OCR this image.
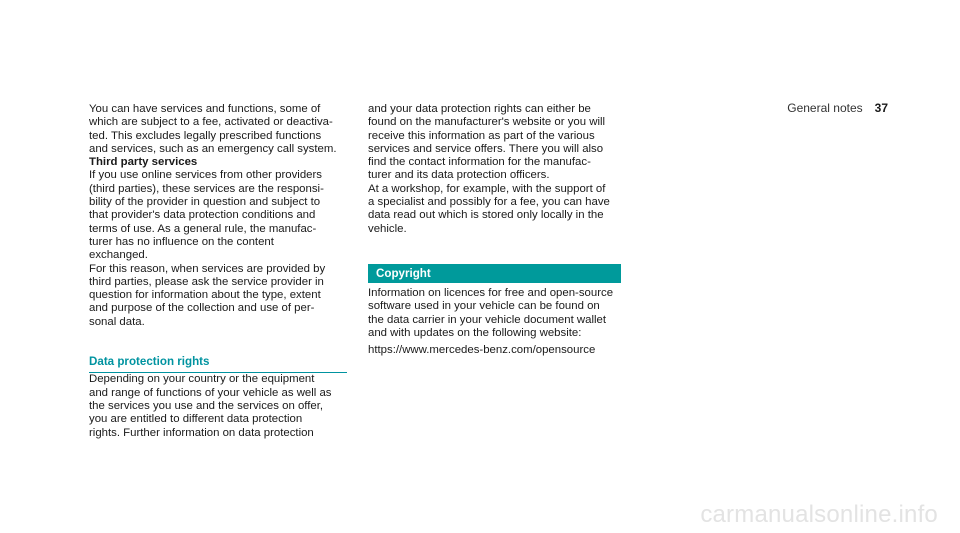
General notes 37

You can have services and functions, some of
which are subject to a fee, activated or deactiva-
ted. This excludes legally prescribed functions
and services, such as an emergency call system.

Third party services

If you use online services from other providers
(third parties), these services are the responsi-
bility of the provider in question and subject to
that provider's data protection conditions and
terms of use. As a general rule, the manufac-
turer has no influence on the content
exchanged.

For this reason, when services are provided by
third parties, please ask the service provider in
question for information about the type, extent
and purpose of the collection and use of per-
sonal data.

Data protection rights

Depending on your country or the equipment
and range of functions of your vehicle as well as
the services you use and the services on offer,
you are entitled to different data protection
rights. Further information on data protection

and your data protection rights can either be
found on the manufacturer's website or you will
receive this information as part of the various
services and service offers. There you will also
find the contact information for the manufac-
turer and its data protection officers.

At a workshop, for example, with the support of
a specialist and possibly for a fee, you can have
data read out which is stored only locally in the
vehicle.

Copyright

Information on licences for free and open-source
software used in your vehicle can be found on
the data carrier in your vehicle document wallet
and with updates on the following website:

https://www.mercedes-benz.com/opensource

carmanualsonline.info
